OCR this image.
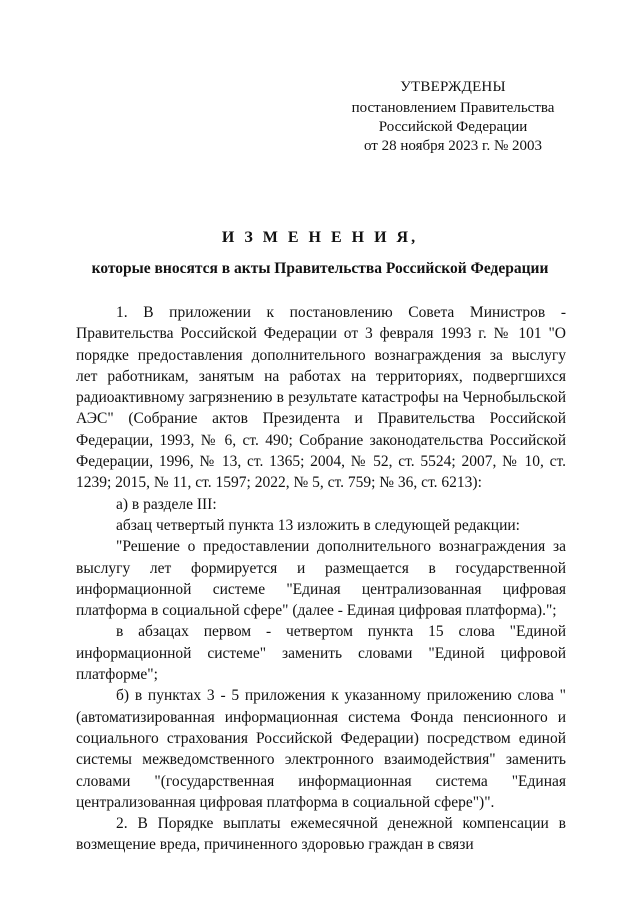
УТВЕРЖДЕНЫ
постановлением Правительства
Российской Федерации
от 28 ноября 2023 г. № 2003
И З М Е Н Е Н И Я,
которые вносятся в акты Правительства Российской Федерации

1. В приложении к постановлению Совета Министров - Правительства Российской Федерации от 3 февраля 1993 г. № 101 "О порядке предоставления дополнительного вознаграждения за выслугу лет работникам, занятым на работах на территориях, подвергшихся радиоактивному загрязнению в результате катастрофы на Чернобыльской АЭС" (Собрание актов Президента и Правительства Российской Федерации, 1993, № 6, ст. 490; Собрание законодательства Российской Федерации, 1996, № 13, ст. 1365; 2004, № 52, ст. 5524; 2007, № 10, ст. 1239; 2015, № 11, ст. 1597; 2022, № 5, ст. 759; № 36, ст. 6213):

а) в разделе III:

абзац четвертый пункта 13 изложить в следующей редакции:

"Решение о предоставлении дополнительного вознаграждения за выслугу лет формируется и размещается в государственной информационной системе "Единая централизованная цифровая платформа в социальной сфере" (далее - Единая цифровая платформа).";

в абзацах первом - четвертом пункта 15 слова "Единой информационной системе" заменить словами "Единой цифровой платформе";

б) в пунктах 3 - 5 приложения к указанному приложению слова "(автоматизированная информационная система Фонда пенсионного и социального страхования Российской Федерации) посредством единой системы межведомственного электронного взаимодействия" заменить словами "(государственная информационная система "Единая централизованная цифровая платформа в социальной сфере")".

2. В Порядке выплаты ежемесячной денежной компенсации в возмещение вреда, причиненного здоровью граждан в связи
